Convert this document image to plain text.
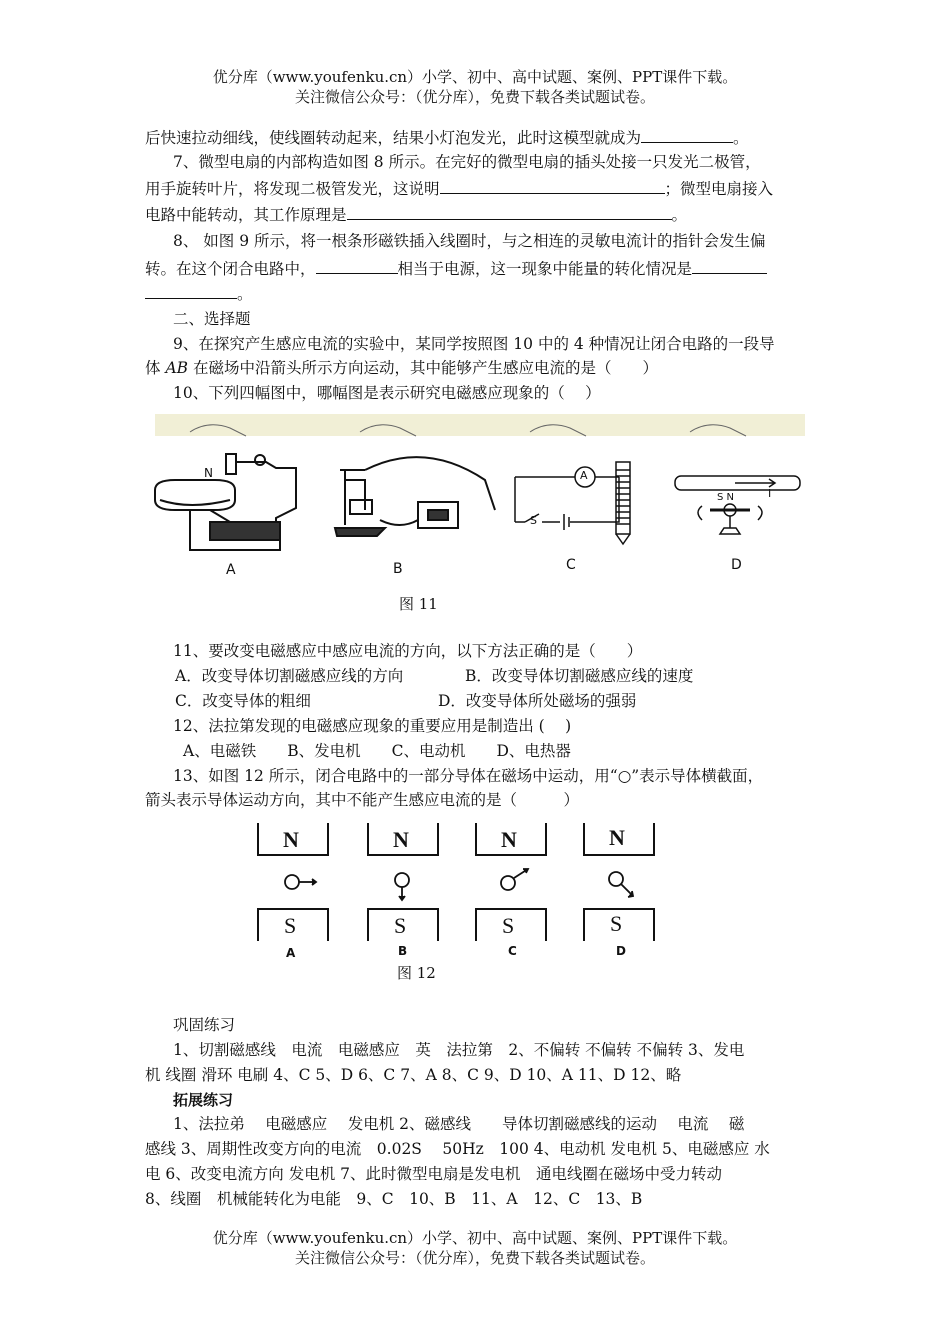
优分库（www.youfenku.cn）小学、初中、高中试题、案例、PPT课件下载。
关注微信公众号：（优分库），免费下载各类试题试卷。
后快速拉动细线，使线圈转动起来，结果小灯泡发光，此时这模型就成为	。
7、微型电扇的内部构造如图 8 所示。在完好的微型电扇的插头处接一只发光二极管，
用手旋转叶片，将发现二极管发光，这说明	；微型电扇接入
电路中能转动，其工作原理是	。
8、 如图 9 所示，将一根条形磁铁插入线圈时，与之相连的灵敏电流计的指针会发生偏
转。在这个闭合电路中，	相当于电源，这一现象中能量的转化情况是
。
二、选择题
9、在探究产生感应电流的实验中，某同学按照图 10 中的 4 种情况让闭合电路的一段导
体 AB 在磁场中沿箭头所示方向运动，其中能够产生感应电流的是（　　）
10、下列四幅图中，哪幅图是表示研究电磁感应现象的（　 ）
N	A
S
S N	I
A	B	C	D
图 11
11、要改变电磁感应中感应电流的方向，以下方法正确的是（　　）
A．改变导体切割磁感应线的方向	B．改变导体切割磁感应线的速度
C．改变导体的粗细	D．改变导体所处磁场的强弱
12、法拉第发现的电磁感应现象的重要应用是制造出 (　 )
A、电磁铁　　B、发电机　　C、电动机　　D、电热器
13、如图 12 所示，闭合电路中的一部分导体在磁场中运动，用“○”表示导体横截面，
箭头表示导体运动方向，其中不能产生感应电流的是（　　　）
N	N	N	N
S	S	S	S
A	B	C	D
图 12
巩固练习
1、切割磁感线　电流　电磁感应　英　法拉第　2、不偏转 不偏转 不偏转 3、发电
机 线圈 滑环 电刷 4、C 5、D 6、C 7、A 8、C 9、D 10、A 11、D 12、略
拓展练习
1、法拉弟　 电磁感应　 发电机 2、磁感线　　导体切割磁感线的运动　 电流　 磁
感线 3、周期性改变方向的电流　0.02S　 50Hz　100 4、电动机 发电机 5、电磁感应 水
电 6、改变电流方向 发电机 7、此时微型电扇是发电机　通电线圈在磁场中受力转动
8、线圈　机械能转化为电能　9、C　10、B　11、A　12、C　13、B
优分库（www.youfenku.cn）小学、初中、高中试题、案例、PPT课件下载。
关注微信公众号：（优分库），免费下载各类试题试卷。
